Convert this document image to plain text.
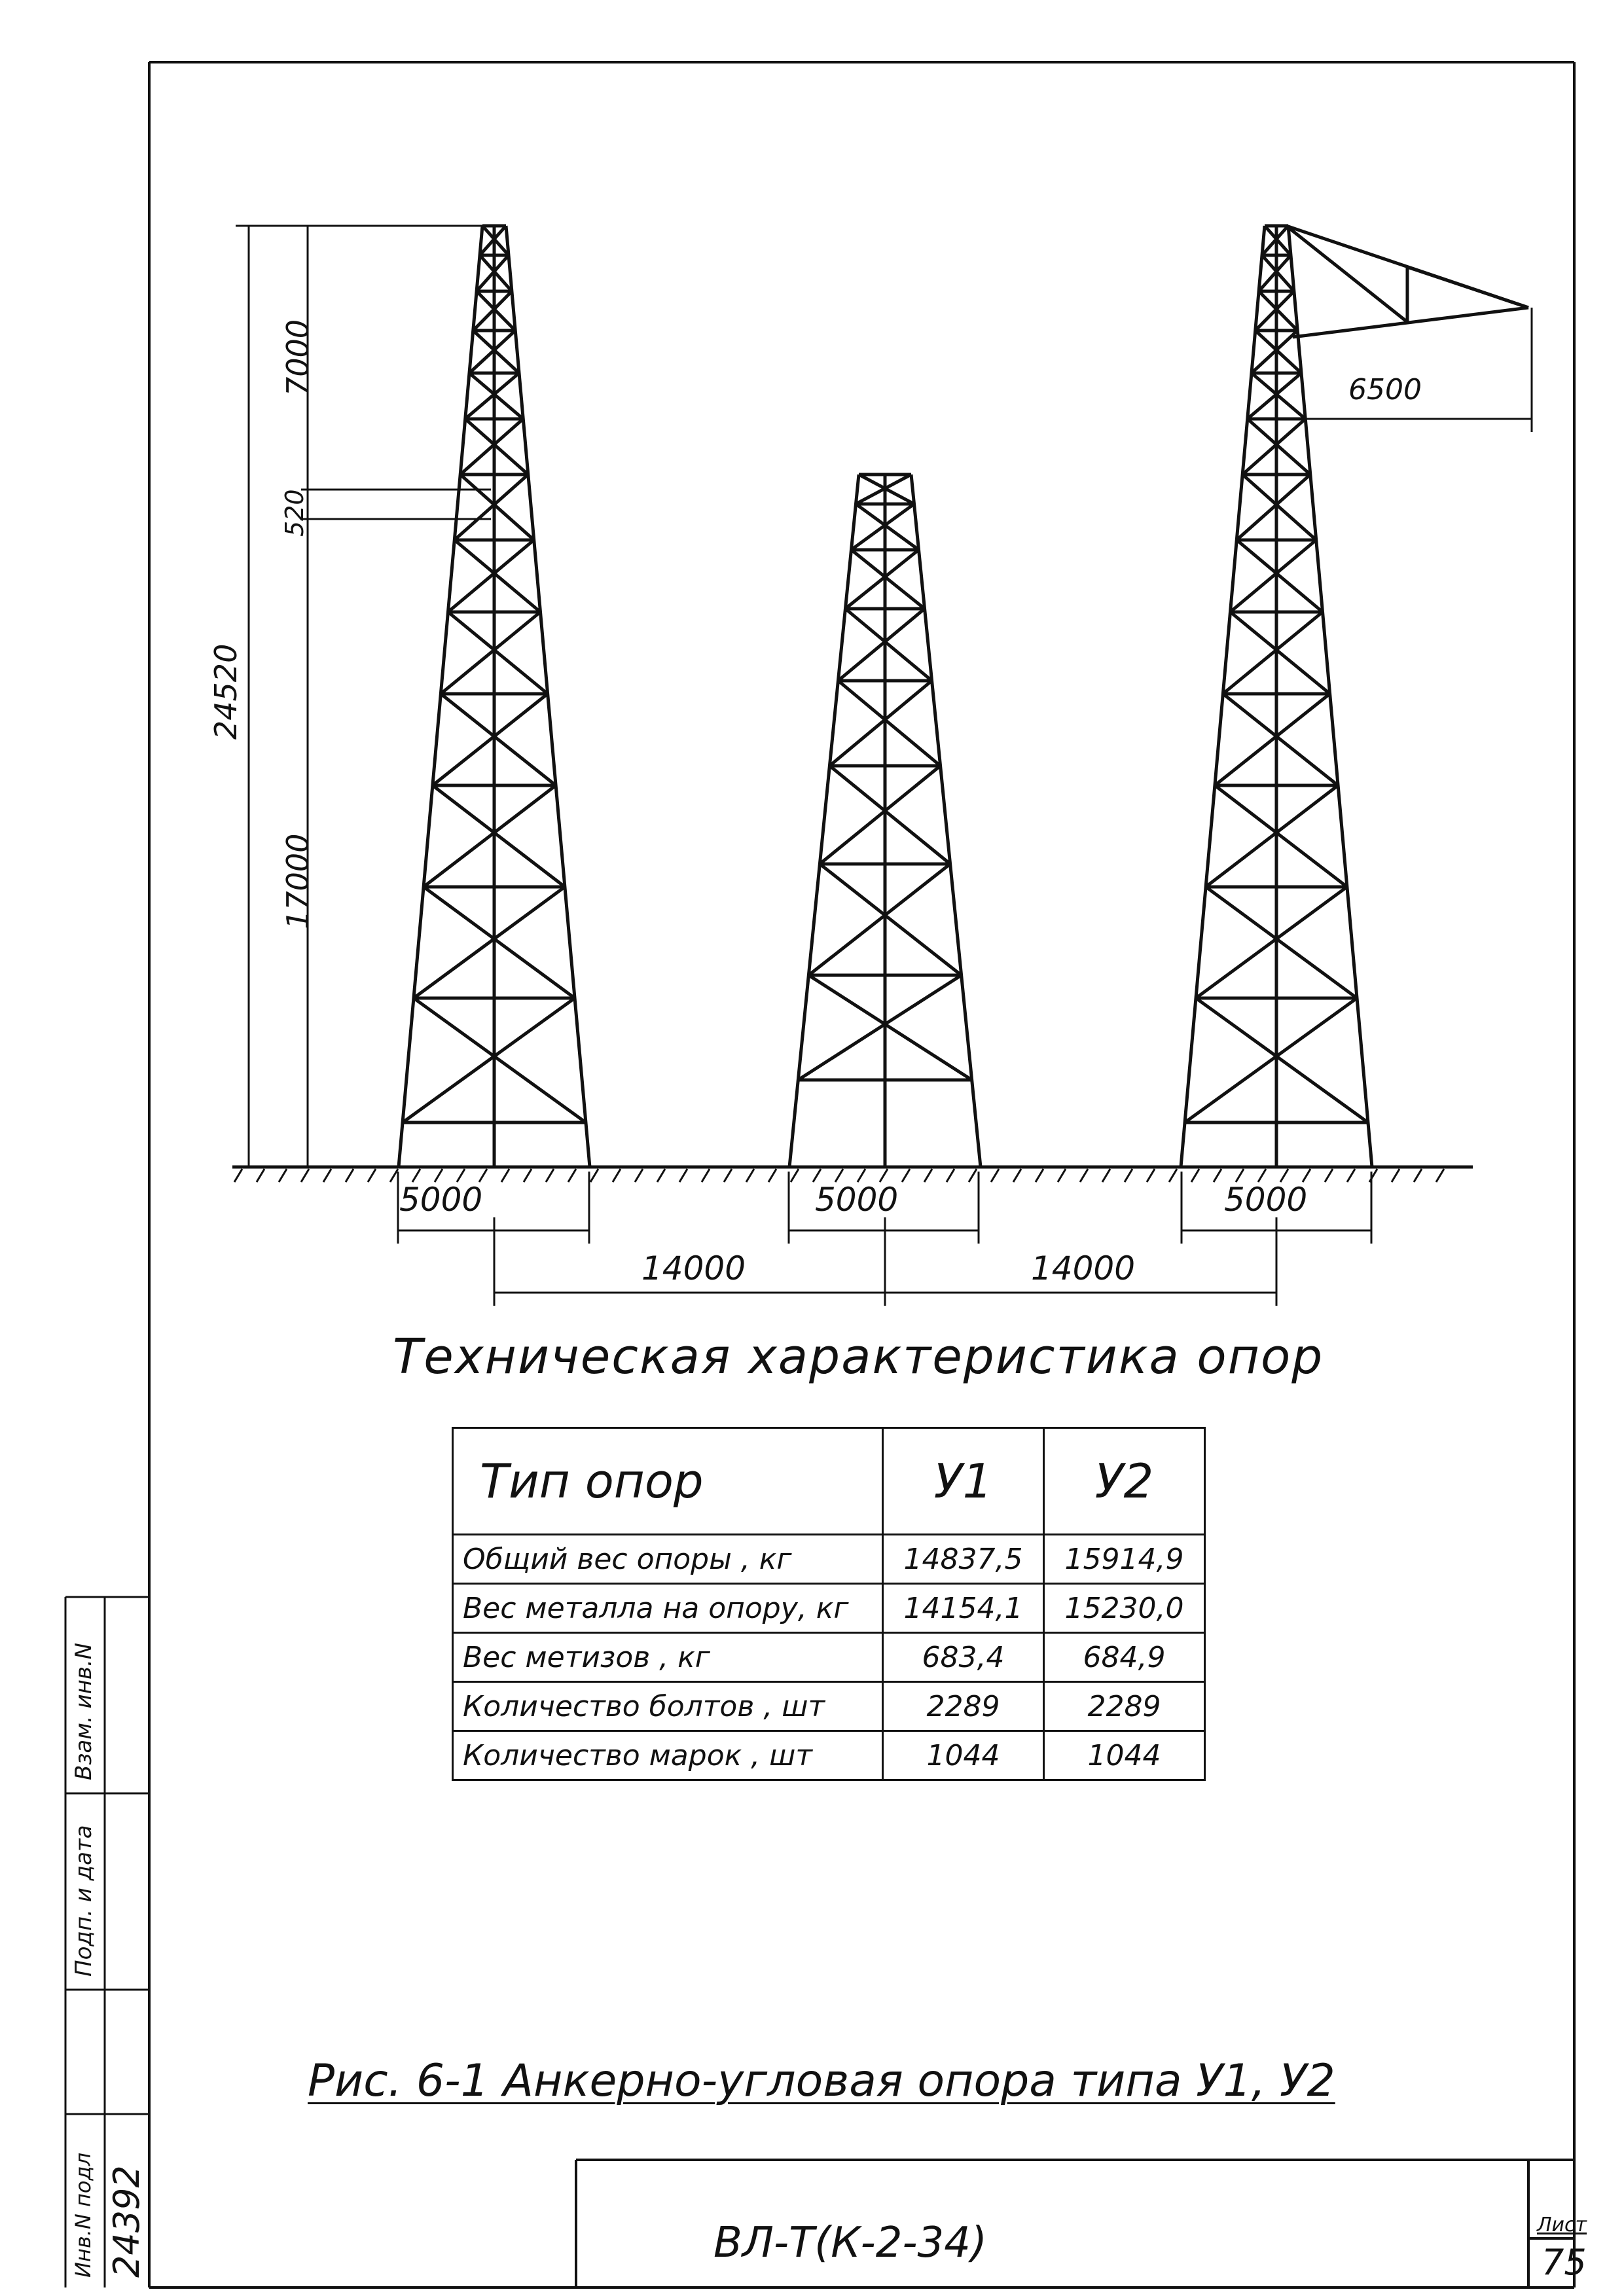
6500
5000	5000	5000
14000	14000
24520
7000
520
17000
Техническая характеристика опор
Тип опор	У1	У2
Общий вес опоры , кг	14837,5	15914,9
Вес металла на опору, кг	14154,1	15230,0
Вес метизов , кг	683,4	684,9
Количество болтов , шт	2289	2289
Количество марок , шт	1044	1044
Рис. 6-1 Анкерно-угловая опора типа У1, У2
ВЛ-Т(К-2-34)	Лист
75
Взам. инв.N
Подп. и дата
Инв.N подл 24392
